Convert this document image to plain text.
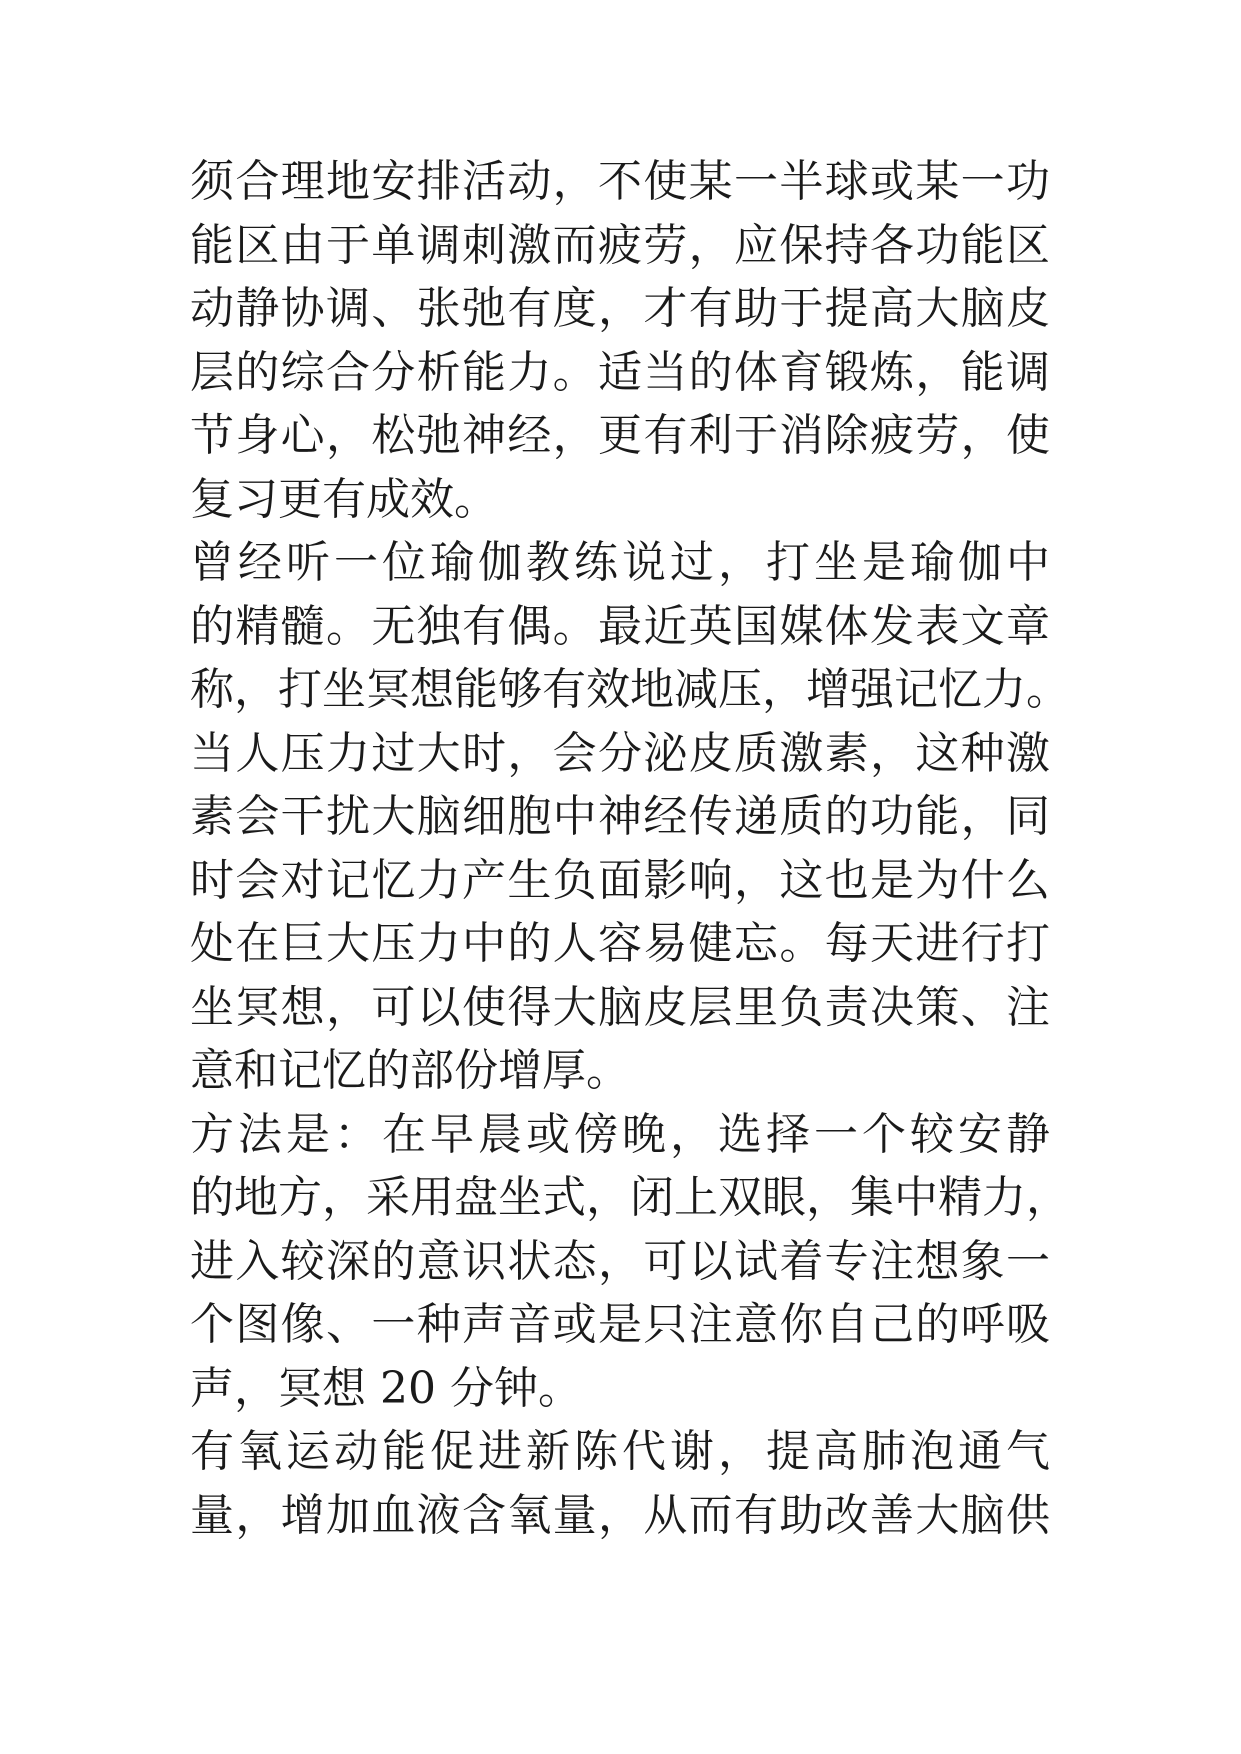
须合理地安排活动，不使某一半球或某一功
能区由于单调刺激而疲劳，应保持各功能区
动静协调、张弛有度，才有助于提高大脑皮
层的综合分析能力。适当的体育锻炼，能调
节身心，松弛神经，更有利于消除疲劳，使
复习更有成效。
曾经听一位瑜伽教练说过，打坐是瑜伽中
的精髓。无独有偶。最近英国媒体发表文章
称，打坐冥想能够有效地减压，增强记忆力。
当人压力过大时，会分泌皮质激素，这种激
素会干扰大脑细胞中神经传递质的功能，同
时会对记忆力产生负面影响，这也是为什么
处在巨大压力中的人容易健忘。每天进行打
坐冥想，可以使得大脑皮层里负责决策、注
意和记忆的部份增厚。
方法是：在早晨或傍晚，选择一个较安静
的地方，采用盘坐式，闭上双眼，集中精力，
进入较深的意识状态，可以试着专注想象一
个图像、一种声音或是只注意你自己的呼吸
声，冥想 20 分钟。
有氧运动能促进新陈代谢，提高肺泡通气
量，增加血液含氧量，从而有助改善大脑供
